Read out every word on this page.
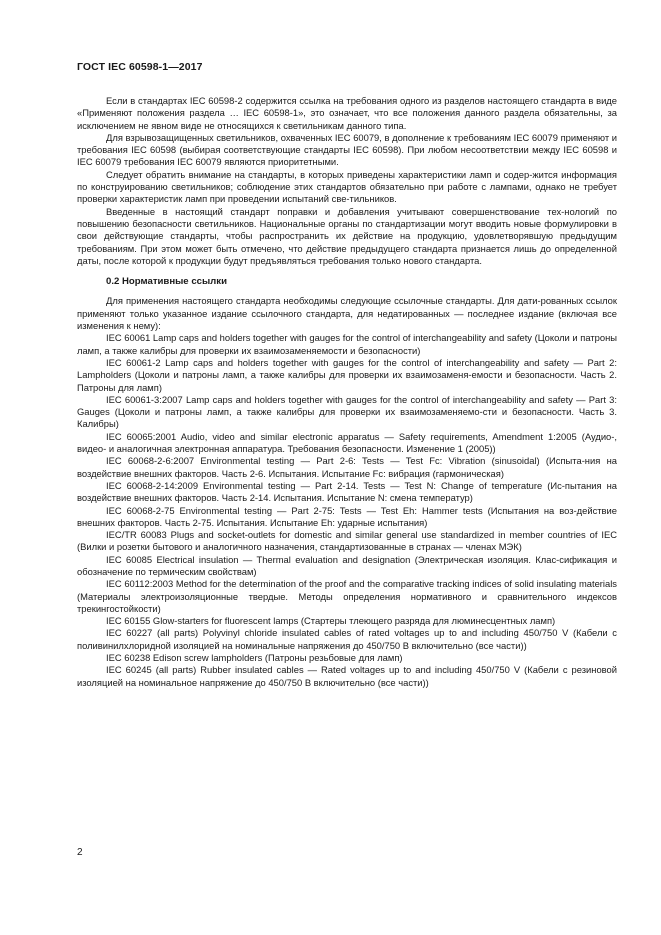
ГОСТ IEC 60598-1—2017

Если в стандартах IEC 60598-2 содержится ссылка на требования одного из разделов настоящего стандарта в виде «Применяют положения раздела … IEC 60598-1», это означает, что все положения данного раздела обязательны, за исключением не явном виде не относящихся к светильникам данного типа.

Для взрывозащищенных светильников, охваченных IEC 60079, в дополнение к требованиям IEC 60079 применяют и требования IEC 60598 (выбирая соответствующие стандарты IEC 60598). При любом несоответствии между IEC 60598 и IEC 60079 требования IEC 60079 являются приоритетными.

Следует обратить внимание на стандарты, в которых приведены характеристики ламп и содер-жится информация по конструированию светильников; соблюдение этих стандартов обязательно при работе с лампами, однако не требует проверки характеристик ламп при проведении испытаний све-тильников.

Введенные в настоящий стандарт поправки и добавления учитывают совершенствование тех-нологий по повышению безопасности светильников. Национальные органы по стандартизации могут вводить новые формулировки в свои действующие стандарты, чтобы распространить их действие на продукцию, удовлетворявшую предыдущим требованиям. При этом может быть отмечено, что действие предыдущего стандарта признается лишь до определенной даты, после которой к продукции будут предъявляться требования только нового стандарта.

0.2 Нормативные ссылки

Для применения настоящего стандарта необходимы следующие ссылочные стандарты. Для дати-рованных ссылок применяют только указанное издание ссылочного стандарта, для недатированных — последнее издание (включая все изменения к нему):

IEC 60061 Lamp caps and holders together with gauges for the control of interchangeability and safety (Цоколи и патроны ламп, а также калибры для проверки их взаимозаменяемости и безопасности)

IEC 60061-2 Lamp caps and holders together with gauges for the control of interchangeability and safety — Part 2: Lampholders (Цоколи и патроны ламп, а также калибры для проверки их взаимозаменя-емости и безопасности. Часть 2. Патроны для ламп)

IEC 60061-3:2007 Lamp caps and holders together with gauges for the control of interchangeability and safety — Part 3: Gauges (Цоколи и патроны ламп, а также калибры для проверки их взаимозаменяемо-сти и безопасности. Часть 3. Калибры)

IEC 60065:2001 Audio, video and similar electronic apparatus — Safety requirements, Amendment 1:2005 (Аудио-, видео- и аналогичная электронная аппаратура. Требования безопасности. Изменение 1 (2005))

IEC 60068-2-6:2007 Environmental testing — Part 2-6: Tests — Test Fc: Vibration (sinusoidal) (Испыта-ния на воздействие внешних факторов. Часть 2-6. Испытания. Испытание Fc: вибрация (гармоническая)

IEC 60068-2-14:2009 Environmental testing — Part 2-14. Tests — Test N: Change of temperature (Ис-пытания на воздействие внешних факторов. Часть 2-14. Испытания. Испытание N: смена температур)

IEC 60068-2-75 Environmental testing — Part 2-75: Tests — Test Eh: Hammer tests (Испытания на воз-действие внешних факторов. Часть 2-75. Испытания. Испытание Eh: ударные испытания)

IEC/TR 60083 Plugs and socket-outlets for domestic and similar general use standardized in member countries of IEC (Вилки и розетки бытового и аналогичного назначения, стандартизованные в странах — членах МЭК)

IEC 60085 Electrical insulation — Thermal evaluation and designation (Электрическая изоляция. Клас-сификация и обозначение по термическим свойствам)

IEC 60112:2003 Method for the determination of the proof and the comparative tracking indices of solid insulating materials (Материалы электроизоляционные твердые. Методы определения нормативного и сравнительного индексов трекингостойкости)

IEC 60155 Glow-starters for fluorescent lamps (Стартеры тлеющего разряда для люминесцентных ламп)

IEC 60227 (all parts) Polyvinyl chloride insulated cables of rated voltages up to and including 450/750 V (Кабели с поливинилхлоридной изоляцией на номинальные напряжения до 450/750 В включительно (все части))

IEC 60238 Edison screw lampholders (Патроны резьбовые для ламп)

IEC 60245 (all parts) Rubber insulated cables — Rated voltages up to and including 450/750 V (Кабели с резиновой изоляцией на номинальное напряжение до 450/750 В включительно (все части))

2
